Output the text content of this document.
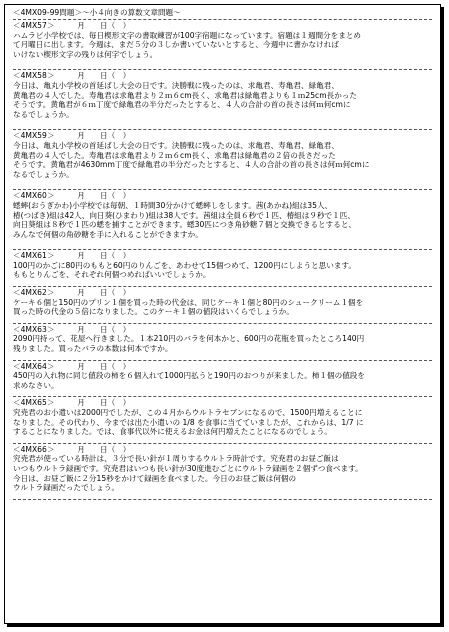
＜4MX09-99問題＞～小４向きの算数文章問題～
＜4MX57＞　　　	月　　日（　）
ハムラビ小学校では、毎日楔形文字の書取練習が100字宿題になっています。宿題は１週間分をまとめ
て月曜日に出します。今週は、まだ５分の３しか書いていないとすると、今週中に書かなければ
いけない楔形文字の残りは何字でしょう。
＜4MX58＞　　　	月　　日（　）
今日は、亀丸小学校の首延ばし大会の日です。決勝戦に残ったのは、求亀君、寿亀君、緑亀君、
黄亀君の４人でした。寿亀君は求亀君より２ｍ６cm長く、求亀君は緑亀君よりも１ｍ25cm長かった
そうです。黄亀君が６ｍ丁度で緑亀君の半分だったとすると、４人の合計の首の長さは何ｍ何cmに
なるでしょうか。
＜4MX59＞　　　	月　　日（　）
今日は、亀丸小学校の首延ばし大会の日です。決勝戦に残ったのは、求亀君、寿亀君、緑亀君、
黄亀君の４人でした。寿亀君は求亀君より２ｍ６cm長く、求亀君は緑亀君の２倍の長さだった
そうです。黄亀君が4630mm丁度で緑亀君の半分だったとすると、４人の合計の首の長さは何ｍ何cmに
なるでしょうか。
＜4MX60＞　　　	月　　日（　）
蟋蟀(おうぎかわ)小学校では毎朝、１時間30分かけて蟋蟀しをします。茜(あかね)組は35人、
椿(つばき)組は42人、向日葵(ひまわり)組は38人です。茜組は全員６秒で１匹、椿組は９秒で１匹、
向日葵組は８秒で１匹の蟋を捕すことができます。蟋30匹につき角砂糖７個と交換できるとすると、
みんなで何個の角砂糖を手に入れることができますか。
＜4MX61＞　　　	月　　日（　）
100円のかごに80円のももと60円のりんごを、あわせて15個つめて、1200円にしようと思います。
ももとりんごを、それぞれ何個つめればいいでしょうか。
＜4MX62＞　　　	月　　日（　）
ケーキ６個と150円のプリン１個を買った時の代金は、同じケーキ１個と80円のシュークリーム１個を
買った時の代金の５倍になりました。このケーキ１個の値段はいくらでしょうか。
＜4MX63＞　　　	月　　日（　）
2090円持って、花屋へ行きました。１本210円のバラを何本かと、600円の花瓶を買ったところ140円
残りました。買ったバラの本数は何本ですか。
＜4MX64＞　　　	月　　日（　）
450円の入れ物に同じ値段の柿を６個入れて1000円払うと190円のおつりが来ました。柿１個の値段を
求めなさい。
＜4MX65＞　　　	月　　日（　）
究尭君のお小遣いは2000円でしたが、この４月からウルトラセブンになるので、1500円増えることに
なりました。その代わり、今までは出た小遣いの 1/8 を食事に当てていましたが、これからは、1/7 に
することになりました。では、食事代以外に使えるお金は何円増えたことになるのでしょう。
＜4MX66＞　　　	月　　日（　）
究尭君が使っている時計は、３分で長い針が１周りするウルトラ時計です。究尭君のお昼ご飯は
いつもウルトラ録画です。究尭君はいつも長い針が30度進むごとにウルトラ録画を２個ずつ食べます。
今日は、お昼ご飯に２分15秒をかけて録画を食べました。今日のお昼ご飯は何個の
ウルトラ録画だったでしょう。
